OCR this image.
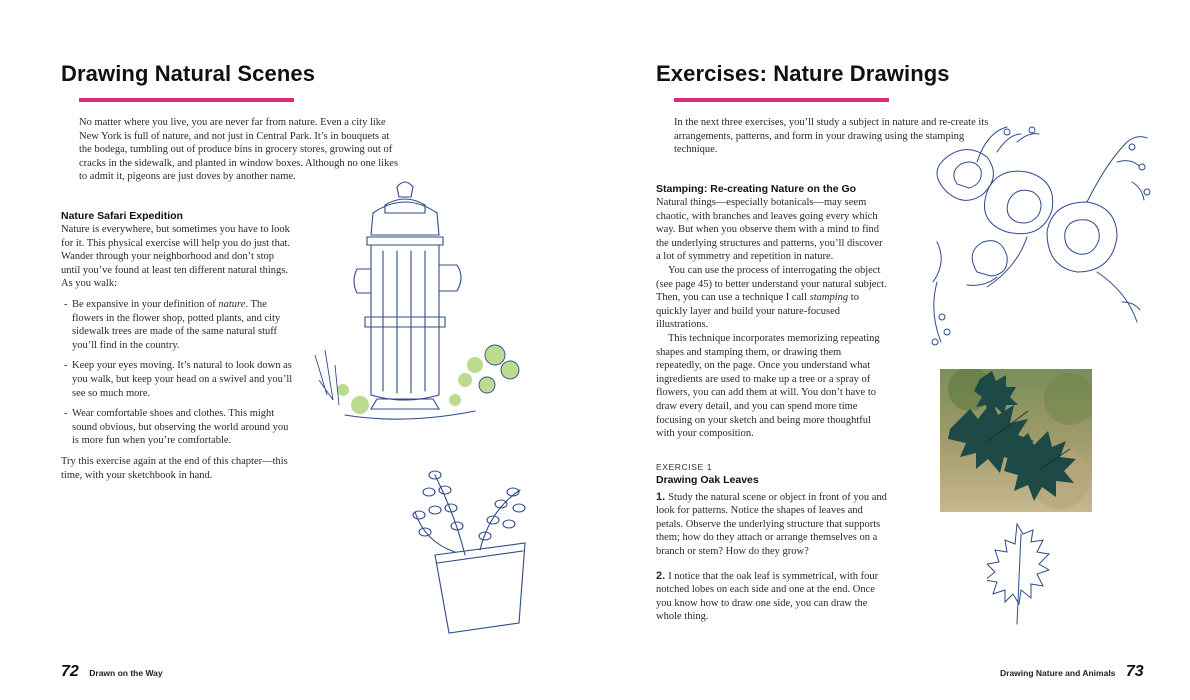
Drawing Natural Scenes

No matter where you live, you are never far from nature. Even a city like New York is full of nature, and not just in Central Park. It’s in bouquets at the bodega, tumbling out of produce bins in grocery stores, growing out of cracks in the sidewalk, and planted in window boxes. Although no one likes to admit it, pigeons are just doves by another name.

Nature Safari Expedition

Nature is everywhere, but sometimes you have to look for it. This physical exercise will help you do just that. Wander through your neighborhood and don’t stop until you’ve found at least ten different natural things. As you walk:

- Be expansive in your definition of nature. The flowers in the flower shop, potted plants, and city sidewalk trees are made of the same natural stuff you’ll find in the country.
- Keep your eyes moving. It’s natural to look down as you walk, but keep your head on a swivel and you’ll see so much more.
- Wear comfortable shoes and clothes. This might sound obvious, but observing the world around you is more fun when you’re comfortable.

Try this exercise again at the end of this chapter—this time, with your sketchbook in hand.

72 Drawn on the Way
Exercises: Nature Drawings

In the next three exercises, you’ll study a subject in nature and re-create its arrangements, patterns, and form in your drawing using the stamping technique.

Stamping: Re-creating Nature on the Go

Natural things—especially botanicals—may seem chaotic, with branches and leaves going every which way. But when you observe them with a mind to find the underlying structures and patterns, you’ll discover a lot of symmetry and repetition in nature.

You can use the process of interrogating the object (see page 45) to better understand your natural subject. Then, you can use a technique I call stamping to quickly layer and build your nature-focused illustrations.

This technique incorporates memorizing repeating shapes and stamping them, or drawing them repeatedly, on the page. Once you understand what ingredients are used to make up a tree or a spray of flowers, you can add them at will. You don’t have to draw every detail, and you can spend more time focusing on your sketch and being more thoughtful with your composition.

EXERCISE 1

Drawing Oak Leaves

1. Study the natural scene or object in front of you and look for patterns. Notice the shapes of leaves and petals. Observe the underlying structure that supports them; how do they attach or arrange themselves on a branch or stem? How do they grow?

2. I notice that the oak leaf is symmetrical, with four notched lobes on each side and one at the end. Once you know how to draw one side, you can draw the whole thing.

Drawing Nature and Animals 73
